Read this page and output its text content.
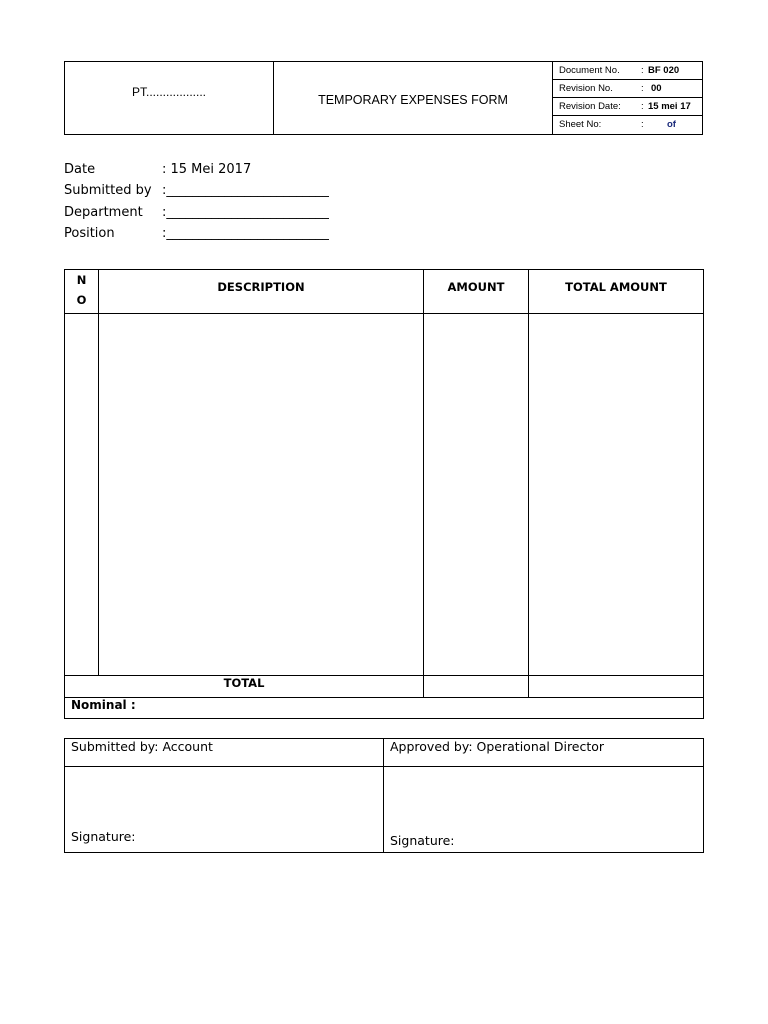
PT..................
TEMPORARY EXPENSES FORM
Document No. : BF 020
Revision No.	: 00
Revision Date: : 15 mei 17
Sheet No:	: of
Date	: 15 Mei 2017
Submitted by :_________________________
Department :_________________________
Position	:_________________________
N
O	DESCRIPTION	AMOUNT	TOTAL AMOUNT

TOTAL			
Nominal :			
Submitted by: Account	Approved by: Operational Director

Signature:	Signature:
